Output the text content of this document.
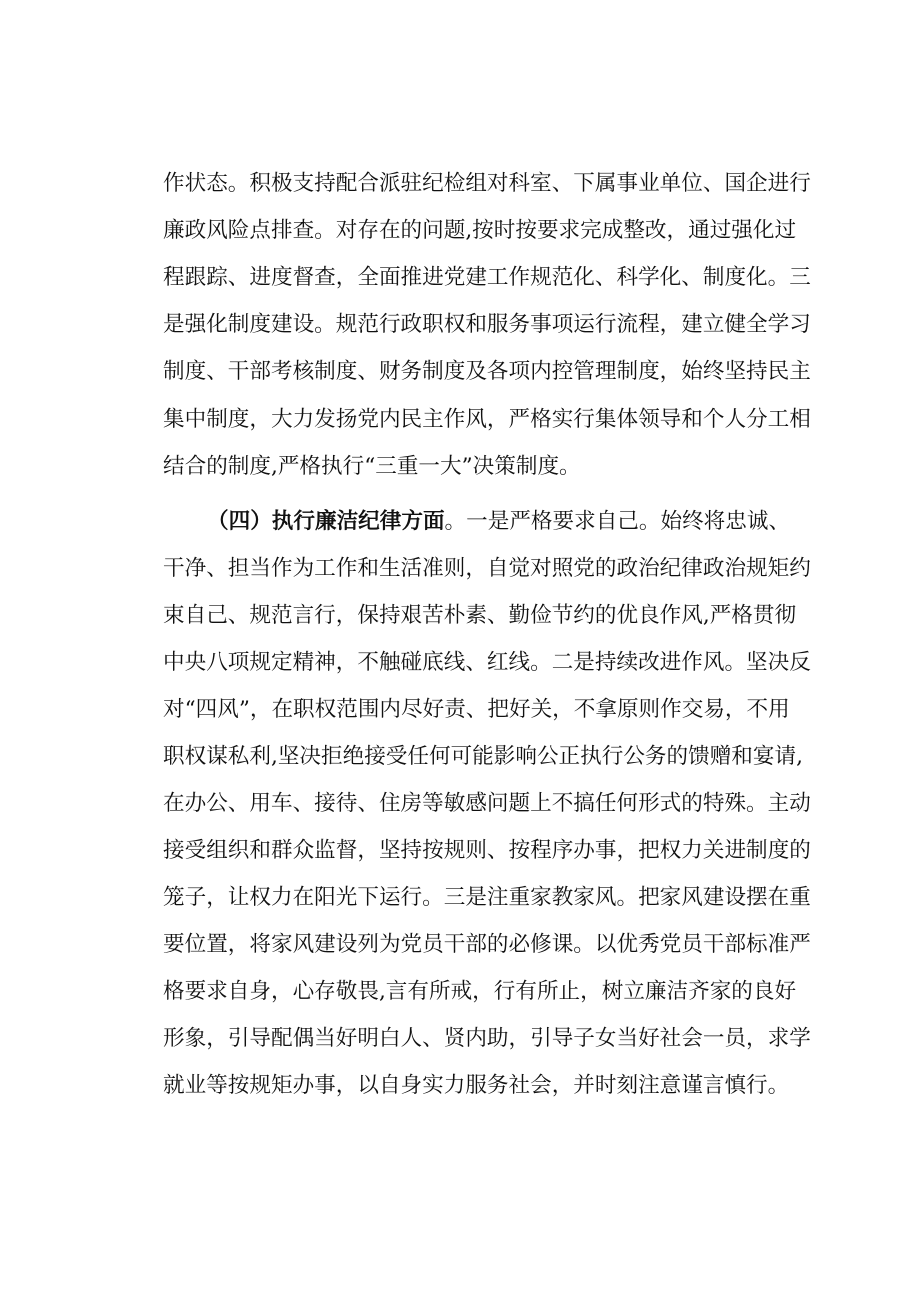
作状态。积极支持配合派驻纪检组对科室、下属事业单位、国企进行
廉政风险点排查。对存在的问题,按时按要求完成整改，通过强化过
程跟踪、进度督查，全面推进党建工作规范化、科学化、制度化。三
是强化制度建设。规范行政职权和服务事项运行流程，建立健全学习
制度、干部考核制度、财务制度及各项内控管理制度，始终坚持民主
集中制度，大力发扬党内民主作风，严格实行集体领导和个人分工相
结合的制度,严格执行“三重一大”决策制度。
（四）执行廉洁纪律方面。一是严格要求自己。始终将忠诚、
干净、担当作为工作和生活准则，自觉对照党的政治纪律政治规矩约
束自己、规范言行，保持艰苦朴素、勤俭节约的优良作风,严格贯彻
中央八项规定精神，不触碰底线、红线。二是持续改进作风。坚决反
对“四风”，在职权范围内尽好责、把好关，不拿原则作交易，不用
职权谋私利,坚决拒绝接受任何可能影响公正执行公务的馈赠和宴请,
在办公、用车、接待、住房等敏感问题上不搞任何形式的特殊。主动
接受组织和群众监督，坚持按规则、按程序办事，把权力关进制度的
笼子，让权力在阳光下运行。三是注重家教家风。把家风建设摆在重
要位置，将家风建设列为党员干部的必修课。以优秀党员干部标准严
格要求自身，心存敬畏,言有所戒，行有所止，树立廉洁齐家的良好
形象，引导配偶当好明白人、贤内助，引导子女当好社会一员，求学
就业等按规矩办事，以自身实力服务社会，并时刻注意谨言慎行。
